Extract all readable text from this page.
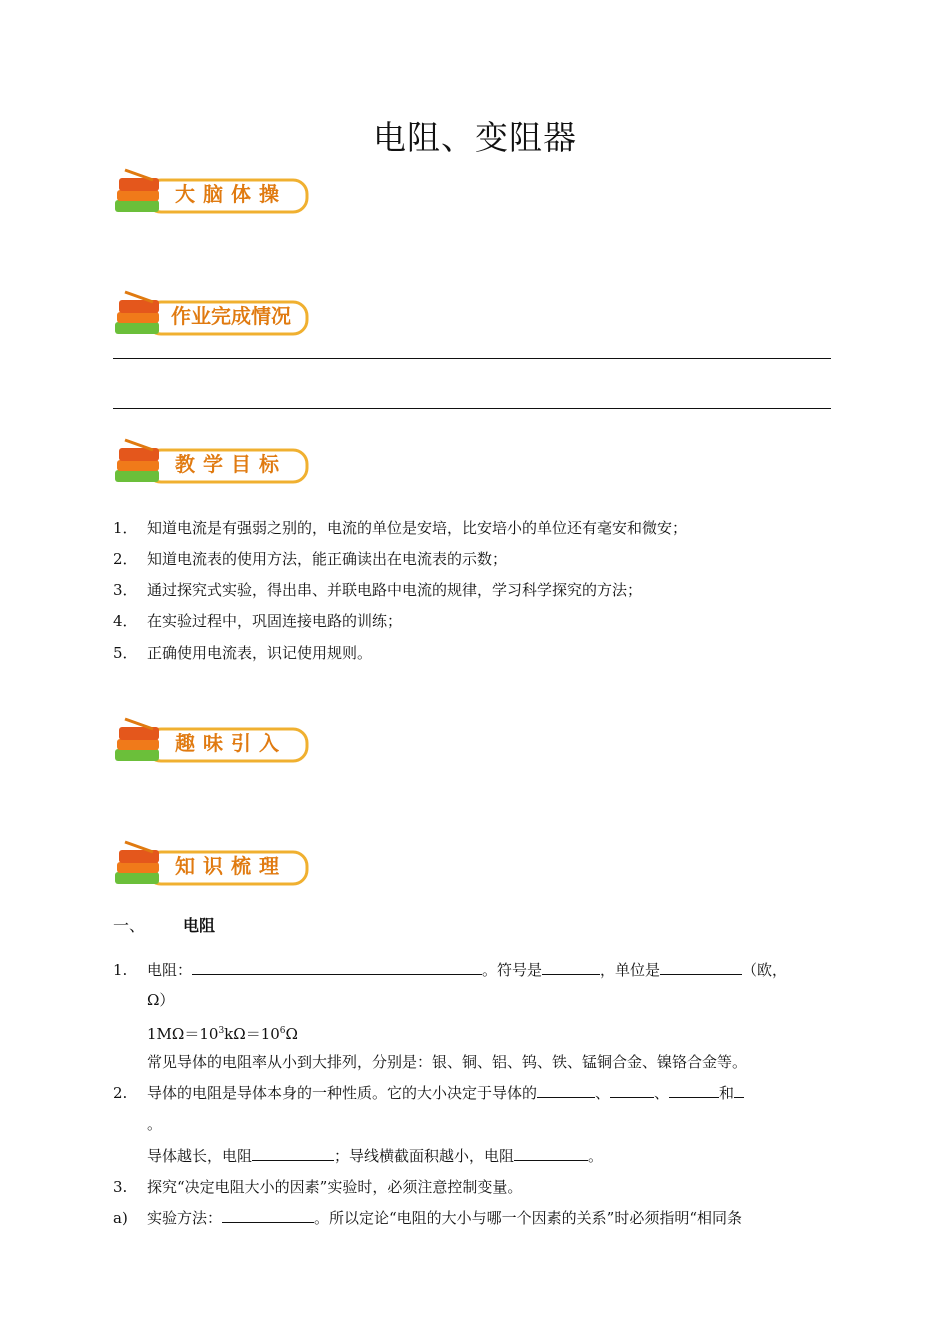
电阻、变阻器
大脑体操
作业完成情况
教学目标
1． 知道电流是有强弱之别的，电流的单位是安培，比安培小的单位还有毫安和微安；
2． 知道电流表的使用方法，能正确读出在电流表的示数；
3． 通过探究式实验，得出串、并联电路中电流的规律，学习科学探究的方法；
4． 在实验过程中，巩固连接电路的训练；
5． 正确使用电流表，识记使用规则。
趣味引入
知识梳理
一、 电阻
1. 电阻：	。符号是	，单位是	（欧，
Ω）
$1M\Omega=10^3k\Omega=10^6\Omega$
常见导体的电阻率从小到大排列，分别是：银、铜、铝、钨、铁、锰铜合金、镍铬合金等。
2. 导体的电阻是导体本身的一种性质。它的大小决定于导体的	、	、	和
。
导体越长，电阻	；导线横截面积越小，电阻	。
3. 探究“决定电阻大小的因素”实验时，必须注意控制变量。
a) 实验方法：	。所以定论“电阻的大小与哪一个因素的关系”时必须指明“相同条
